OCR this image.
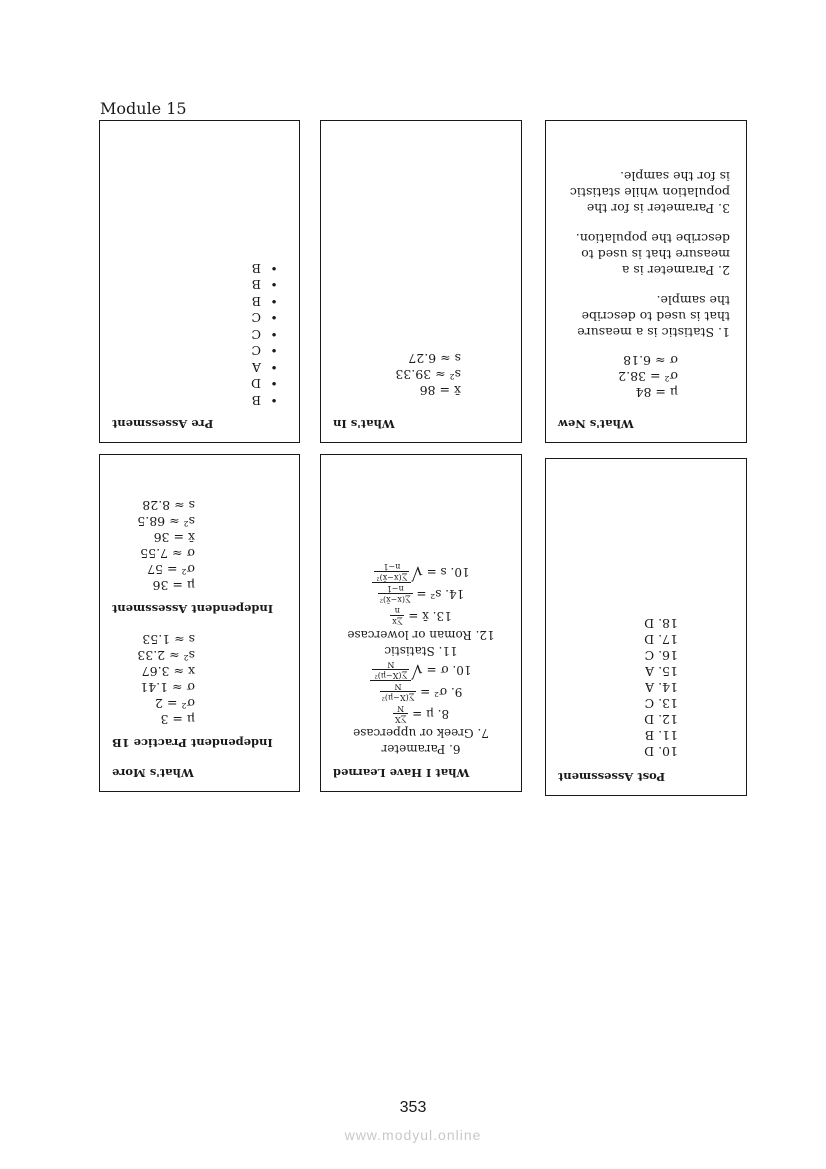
Module 15
Pre Assessment
• B
• D
• A
• C
• C
• C
• B
• B
• B
What's In
x̄ = 86
s² ≈ 39.33
s ≈ 6.27
What's New
μ = 84
σ² = 38.2
σ ≈ 6.18

1. Statistic is a measure that is used to describe the sample.

2. Parameter is a measure that is used to describe the population.

3. Parameter is for the population while statistic is for the sample.

What's More
Independent Practice 1B
μ = 3
σ² = 2
σ ≈ 1.41
x ≈ 3.67
s² ≈ 2.33
s ≈ 1.53
Independent Assessment
μ = 36
σ² = 57
σ ≈ 7.55
x̄ = 36
s² ≈ 68.5
s ≈ 8.28
What I Have Learned
6. Parameter
7. Greek or uppercase
8. μ =

∑X
N
9. σ² =

∑(X−μ)²
N
10. σ =

√
∑(X−μ)²
N
11. Statistic
12. Roman or lowercase
13. x̄ =

∑x
n
14. s² =

∑(x−x̄)²
n−1
10. s =

√
∑(x−x̄)²
n−1
Post Assessment
10. D
11. B
12. D
13. C
14. A
15. A
16. C
17. D
18. D
353
www.modyul.online
